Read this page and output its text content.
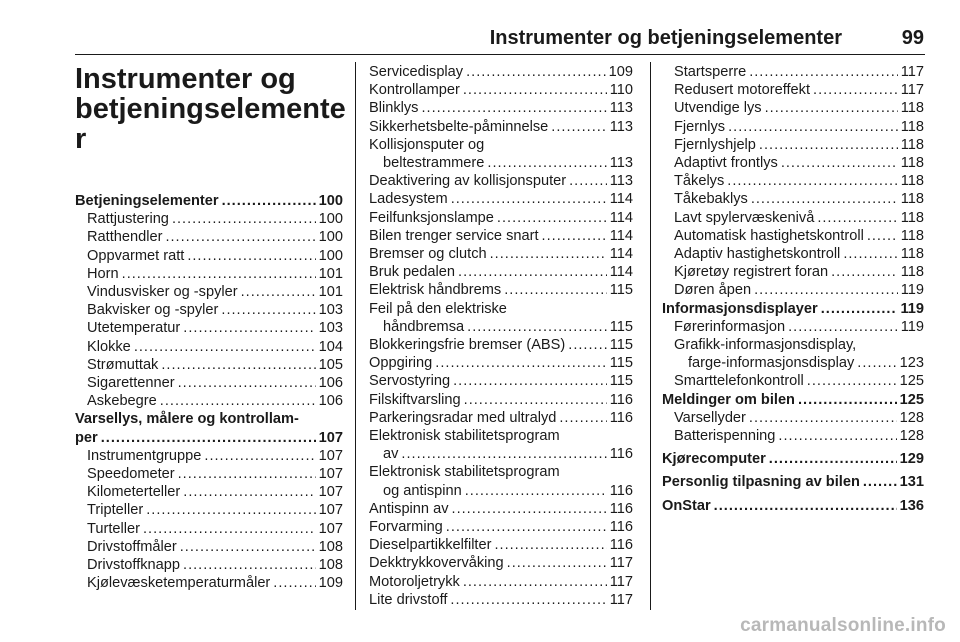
Instrumenter og betjeningselementer	99
Instrumenter og
betjeningselemente
r
Betjeningselementer .....	100
Rattjustering .....	100
Ratthendler .....	100
Oppvarmet ratt .....	100
Horn .....	101
Vindusvisker og -spyler .....	101
Bakvisker og -spyler .....	103
Utetemperatur .....	103
Klokke .....	104
Strømuttak .....	105
Sigarettenner .....	106
Askebegre .....	106
Varsellys, målere og kontrollam-
per .....	107
Instrumentgruppe .....	107
Speedometer .....	107
Kilometerteller .....	107
Tripteller .....	107
Turteller .....	107
Drivstoffmåler .....	108
Drivstoffknapp .....	108
Kjølevæsketemperaturmåler .....	109
Servicedisplay .....	109
Kontrollamper .....	110
Blinklys .....	113
Sikkerhetsbelte-påminnelse .....	113
Kollisjonsputer og
beltestrammere .....	113
Deaktivering av kollisjonsputer .....	113
Ladesystem .....	114
Feilfunksjonslampe .....	114
Bilen trenger service snart .....	114
Bremser og clutch .....	114
Bruk pedalen .....	114
Elektrisk håndbrems .....	115
Feil på den elektriske
håndbremsa .....	115
Blokkeringsfrie bremser (ABS) .....	115
Oppgiring .....	115
Servostyring .....	115
Filskiftvarsling .....	116
Parkeringsradar med ultralyd .....	116
Elektronisk stabilitetsprogram
av .....	116
Elektronisk stabilitetsprogram
og antispinn .....	116
Antispinn av .....	116
Forvarming .....	116
Dieselpartikkelfilter .....	116
Dekktrykkovervåking .....	117
Motoroljetrykk .....	117
Lite drivstoff .....	117
Startsperre .....	117
Redusert motoreffekt .....	117
Utvendige lys .....	118
Fjernlys .....	118
Fjernlyshjelp .....	118
Adaptivt frontlys .....	118
Tåkelys .....	118
Tåkebaklys .....	118
Lavt spylervæskenivå .....	118
Automatisk hastighetskontroll .....	118
Adaptiv hastighetskontroll .....	118
Kjøretøy registrert foran .....	118
Døren åpen .....	119
Informasjonsdisplayer .....	119
Førerinformasjon .....	119
Grafikk-informasjonsdisplay,
farge-informasjonsdisplay .....	123
Smarttelefonkontroll .....	125
Meldinger om bilen .....	125
Varsellyder .....	128
Batterispenning .....	128
Kjørecomputer .....	129
Personlig tilpasning av bilen .....	131
OnStar .....	136
carmanualsonline.info
